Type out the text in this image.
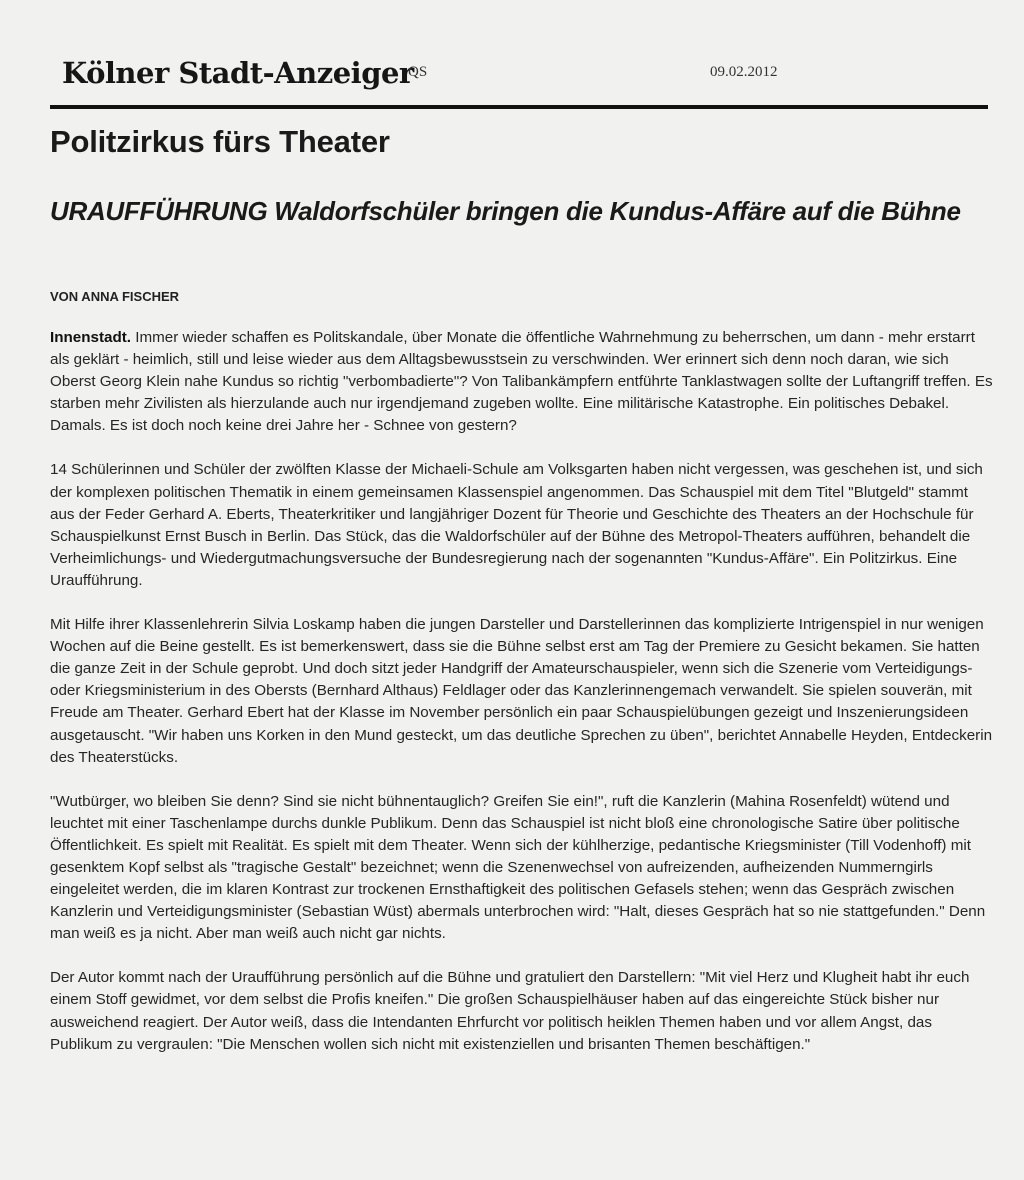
Kölner Stadt-Anzeiger
QS	09.02.2012
Politzirkus fürs Theater
URAUFFÜHRUNG Waldorfschüler bringen die Kundus-Affäre auf die Bühne
VON ANNA FISCHER

Innenstadt. Immer wieder schaffen es Politskandale, über Monate die öffentliche Wahrnehmung zu beherrschen, um dann - mehr erstarrt als geklärt - heimlich, still und leise wieder aus dem Alltagsbewusstsein zu verschwinden. Wer erinnert sich denn noch daran, wie sich Oberst Georg Klein nahe Kundus so richtig "verbombadierte"? Von Talibankämpfern entführte Tanklastwagen sollte der Luftangriff treffen. Es starben mehr Zivilisten als hierzulande auch nur irgendjemand zugeben wollte. Eine militärische Katastrophe. Ein politisches Debakel. Damals. Es ist doch noch keine drei Jahre her - Schnee von gestern?

14 Schülerinnen und Schüler der zwölften Klasse der Michaeli-Schule am Volksgarten haben nicht vergessen, was geschehen ist, und sich der komplexen politischen Thematik in einem gemeinsamen Klassenspiel angenommen. Das Schauspiel mit dem Titel "Blutgeld" stammt aus der Feder Gerhard A. Eberts, Theaterkritiker und langjähriger Dozent für Theorie und Geschichte des Theaters an der Hochschule für Schauspielkunst Ernst Busch in Berlin. Das Stück, das die Waldorfschüler auf der Bühne des Metropol-Theaters aufführen, behandelt die Verheimlichungs- und Wiedergutmachungsversuche der Bundesregierung nach der sogenannten "Kundus-Affäre". Ein Politzirkus. Eine Uraufführung.

Mit Hilfe ihrer Klassenlehrerin Silvia Loskamp haben die jungen Darsteller und Darstellerinnen das komplizierte Intrigenspiel in nur wenigen Wochen auf die Beine gestellt. Es ist bemerkenswert, dass sie die Bühne selbst erst am Tag der Premiere zu Gesicht bekamen. Sie hatten die ganze Zeit in der Schule geprobt. Und doch sitzt jeder Handgriff der Amateurschauspieler, wenn sich die Szenerie vom Verteidigungs- oder Kriegsministerium in des Obersts (Bernhard Althaus) Feldlager oder das Kanzlerinnengemach verwandelt. Sie spielen souverän, mit Freude am Theater. Gerhard Ebert hat der Klasse im November persönlich ein paar Schauspielübungen gezeigt und Inszenierungsideen ausgetauscht. "Wir haben uns Korken in den Mund gesteckt, um das deutliche Sprechen zu üben", berichtet Annabelle Heyden, Entdeckerin des Theaterstücks.

"Wutbürger, wo bleiben Sie denn? Sind sie nicht bühnentauglich? Greifen Sie ein!", ruft die Kanzlerin (Mahina Rosenfeldt) wütend und leuchtet mit einer Taschenlampe durchs dunkle Publikum. Denn das Schauspiel ist nicht bloß eine chronologische Satire über politische Öffentlichkeit. Es spielt mit Realität. Es spielt mit dem Theater. Wenn sich der kühlherzige, pedantische Kriegsminister (Till Vodenhoff) mit gesenktem Kopf selbst als "tragische Gestalt" bezeichnet; wenn die Szenenwechsel von aufreizenden, aufheizenden Nummerngirls eingeleitet werden, die im klaren Kontrast zur trockenen Ernsthaftigkeit des politischen Gefasels stehen; wenn das Gespräch zwischen Kanzlerin und Verteidigungsminister (Sebastian Wüst) abermals unterbrochen wird: "Halt, dieses Gespräch hat so nie stattgefunden." Denn man weiß es ja nicht. Aber man weiß auch nicht gar nichts.

Der Autor kommt nach der Uraufführung persönlich auf die Bühne und gratuliert den Darstellern: "Mit viel Herz und Klugheit habt ihr euch einem Stoff gewidmet, vor dem selbst die Profis kneifen." Die großen Schauspielhäuser haben auf das eingereichte Stück bisher nur ausweichend reagiert. Der Autor weiß, dass die Intendanten Ehrfurcht vor politisch heiklen Themen haben und vor allem Angst, das Publikum zu vergraulen: "Die Menschen wollen sich nicht mit existenziellen und brisanten Themen beschäftigen."
